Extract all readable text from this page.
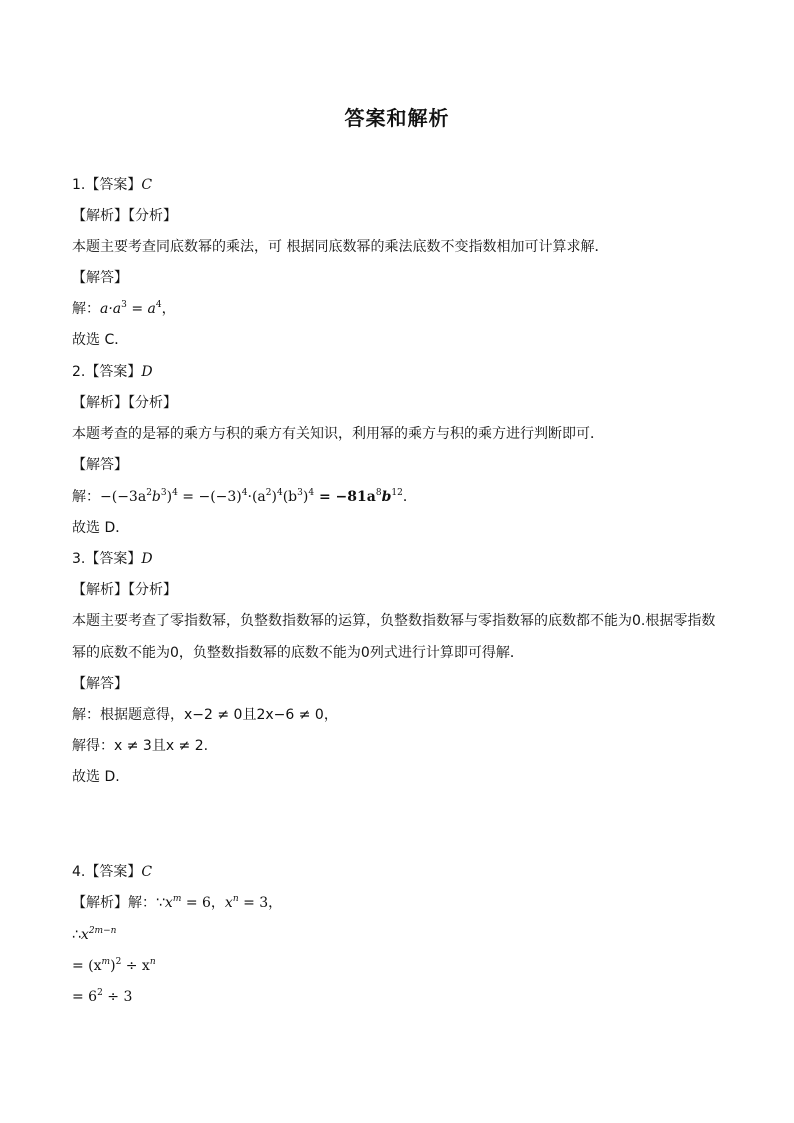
答案和解析
1.【答案】C
【解析】【分析】
本题主要考查同底数幂的乘法，可 根据同底数幂的乘法底数不变指数相加可计算求解．
【解答】
解：$a\cdot a^3 = a^4$，
故选 C．
2.【答案】D
【解析】【分析】
本题考查的是幂的乘方与积的乘方有关知识，利用幂的乘方与积的乘方进行判断即可．
【解答】
解：$-(-3a^2b^3)^4 = -(-3)^4\cdot(a^2)^4(b^3)^4 = -81a^8b^{12}$．
故选 D．
3.【答案】D
【解析】【分析】
本题主要考查了零指数幂，负整数指数幂的运算，负整数指数幂与零指数幂的底数都不能为0.根据零指数
幂的底数不能为0，负整数指数幂的底数不能为0列式进行计算即可得解．
【解答】
解：根据题意得，x−2 ≠ 0且2x−6 ≠ 0，
解得：x ≠ 3且x ≠ 2.
故选 D.
4.【答案】C
【解析】解：$\because x^m = 6$，$x^n = 3$，
$\therefore x^{2m-n}$
= $(x^m)^2 \div x^n$
= $6^2 \div 3$
